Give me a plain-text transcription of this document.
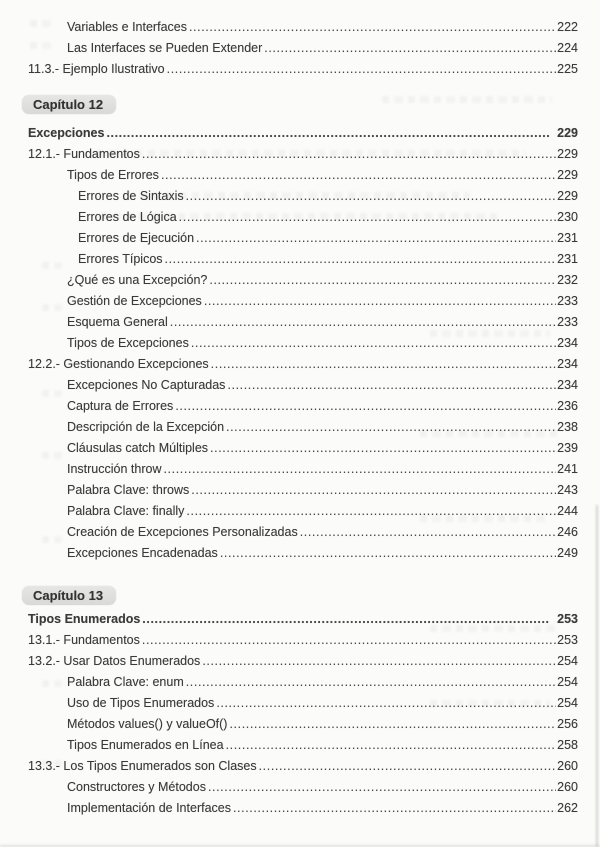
Variables e Interfaces .....	222
Las Interfaces se Pueden Extender .....	224
11.3.- Ejemplo Ilustrativo .....	225
Capítulo 12
Excepciones .....	229
12.1.- Fundamentos .....	229
Tipos de Errores .....	229
Errores de Sintaxis .....	229
Errores de Lógica .....	230
Errores de Ejecución .....	231
Errores Típicos .....	231
¿Qué es una Excepción? .....	232
Gestión de Excepciones .....	233
Esquema General .....	233
Tipos de Excepciones .....	234
12.2.- Gestionando Excepciones .....	234
Excepciones No Capturadas .....	234
Captura de Errores .....	236
Descripción de la Excepción .....	238
Cláusulas catch Múltiples .....	239
Instrucción throw .....	241
Palabra Clave: throws .....	243
Palabra Clave: finally .....	244
Creación de Excepciones Personalizadas .....	246
Excepciones Encadenadas .....	249
Capítulo 13
Tipos Enumerados .....	253
13.1.- Fundamentos .....	253
13.2.- Usar Datos Enumerados .....	254
Palabra Clave: enum .....	254
Uso de Tipos Enumerados .....	254
Métodos values() y valueOf() .....	256
Tipos Enumerados en Línea .....	258
13.3.- Los Tipos Enumerados son Clases .....	260
Constructores y Métodos .....	260
Implementación de Interfaces .....	262
